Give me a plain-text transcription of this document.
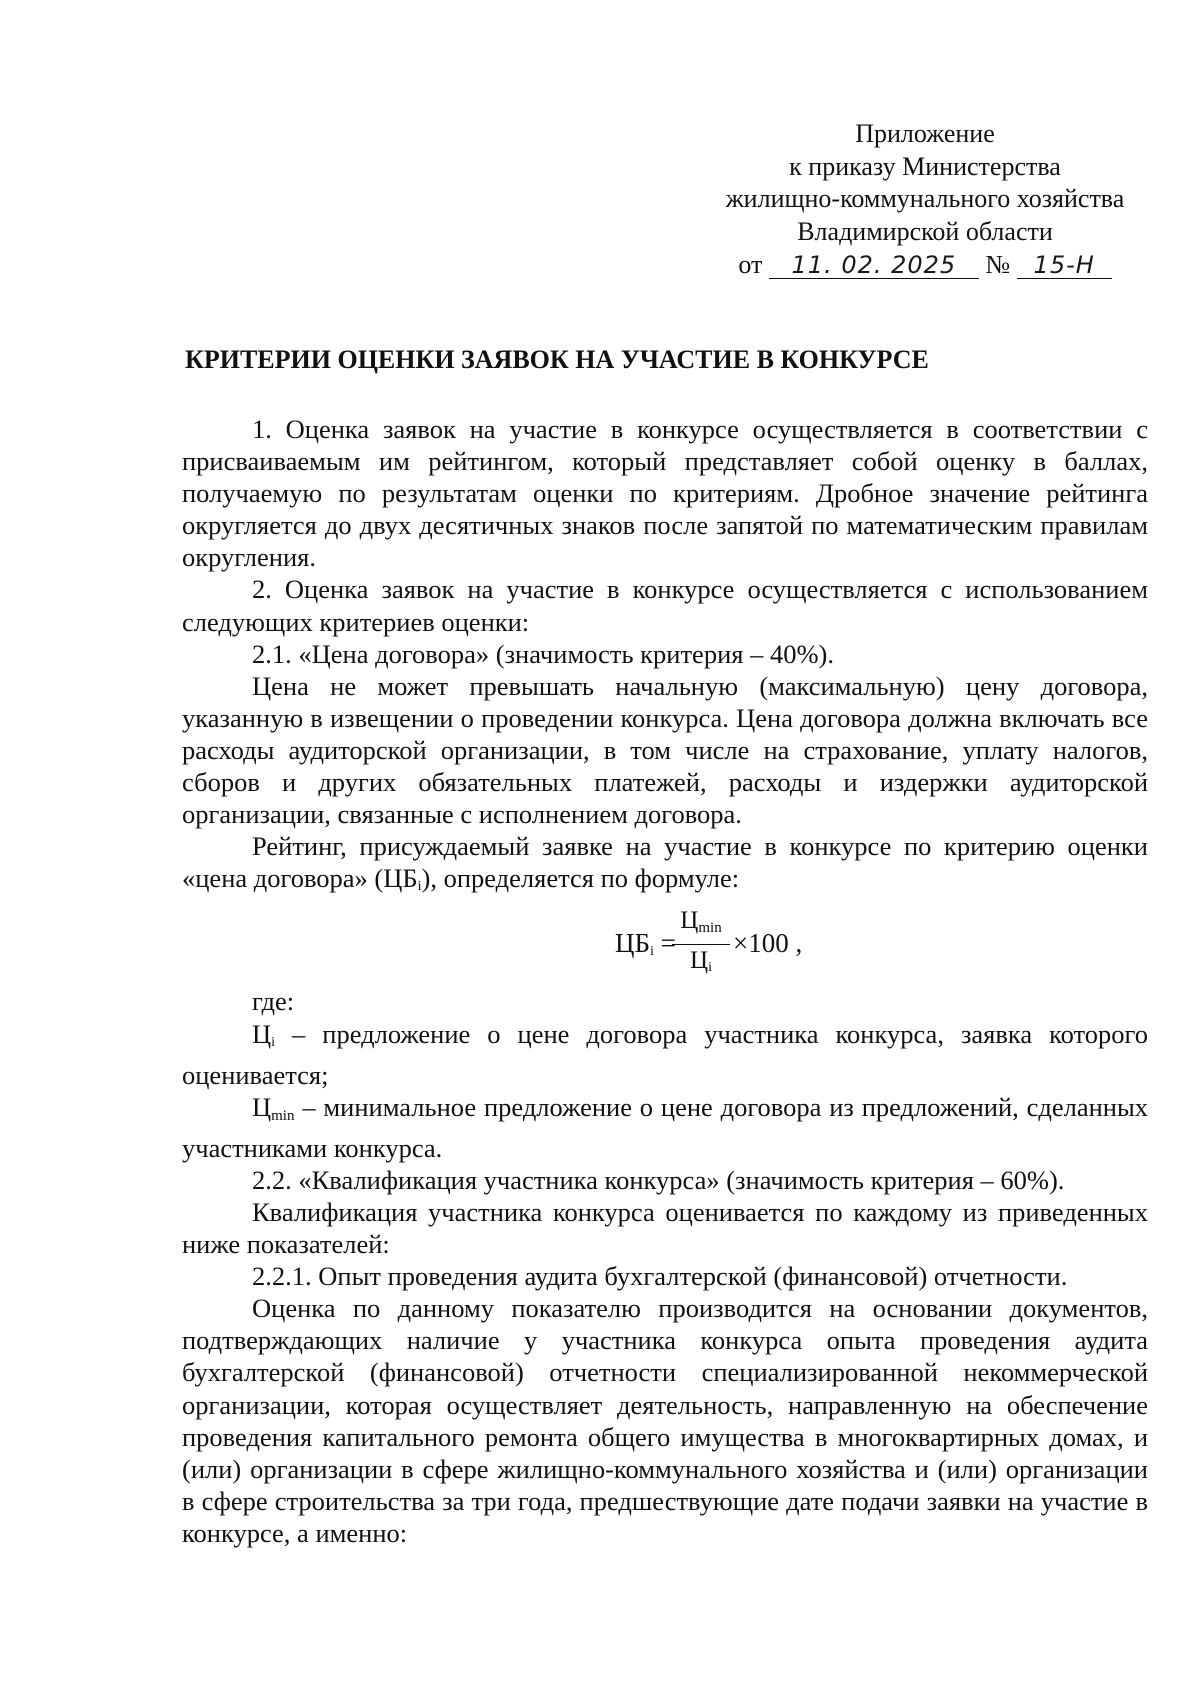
Приложение
к приказу Министерства
жилищно-коммунального хозяйства
Владимирской области
от 11. 02. 2025 № 15-Н
КРИТЕРИИ ОЦЕНКИ ЗАЯВОК НА УЧАСТИЕ В КОНКУРСЕ

1. Оценка заявок на участие в конкурсе осуществляется в соответствии с присваиваемым им рейтингом, который представляет собой оценку в баллах, получаемую по результатам оценки по критериям. Дробное значение рейтинга округляется до двух десятичных знаков после запятой по математическим правилам округления.

2. Оценка заявок на участие в конкурсе осуществляется с использованием следующих критериев оценки:

2.1. «Цена договора» (значимость критерия – 40%).

Цена не может превышать начальную (максимальную) цену договора, указанную в извещении о проведении конкурса. Цена договора должна включать все расходы аудиторской организации, в том числе на страхование, уплату налогов, сборов и других обязательных платежей, расходы и издержки аудиторской организации, связанные с исполнением договора.

Рейтинг, присуждаемый заявке на участие в конкурсе по критерию оценки «цена договора» $(ЦБ_i)$, определяется по формуле:

$ЦБ_i$ =
$Ц_{min}$
$Ц_i$
×100 ,

где:

$Ц_i$ – предложение о цене договора участника конкурса, заявка которого оценивается;

$Ц_{min}$ – минимальное предложение о цене договора из предложений, сделанных участниками конкурса.

2.2. «Квалификация участника конкурса» (значимость критерия – 60%).

Квалификация участника конкурса оценивается по каждому из приведенных ниже показателей:

2.2.1. Опыт проведения аудита бухгалтерской (финансовой) отчетности.

Оценка по данному показателю производится на основании документов, подтверждающих наличие у участника конкурса опыта проведения аудита бухгалтерской (финансовой) отчетности специализированной некоммерческой организации, которая осуществляет деятельность, направленную на обеспечение проведения капитального ремонта общего имущества в многоквартирных домах, и (или) организации в сфере жилищно-коммунального хозяйства и (или) организации в сфере строительства за три года, предшествующие дате подачи заявки на участие в конкурсе, а именно:
